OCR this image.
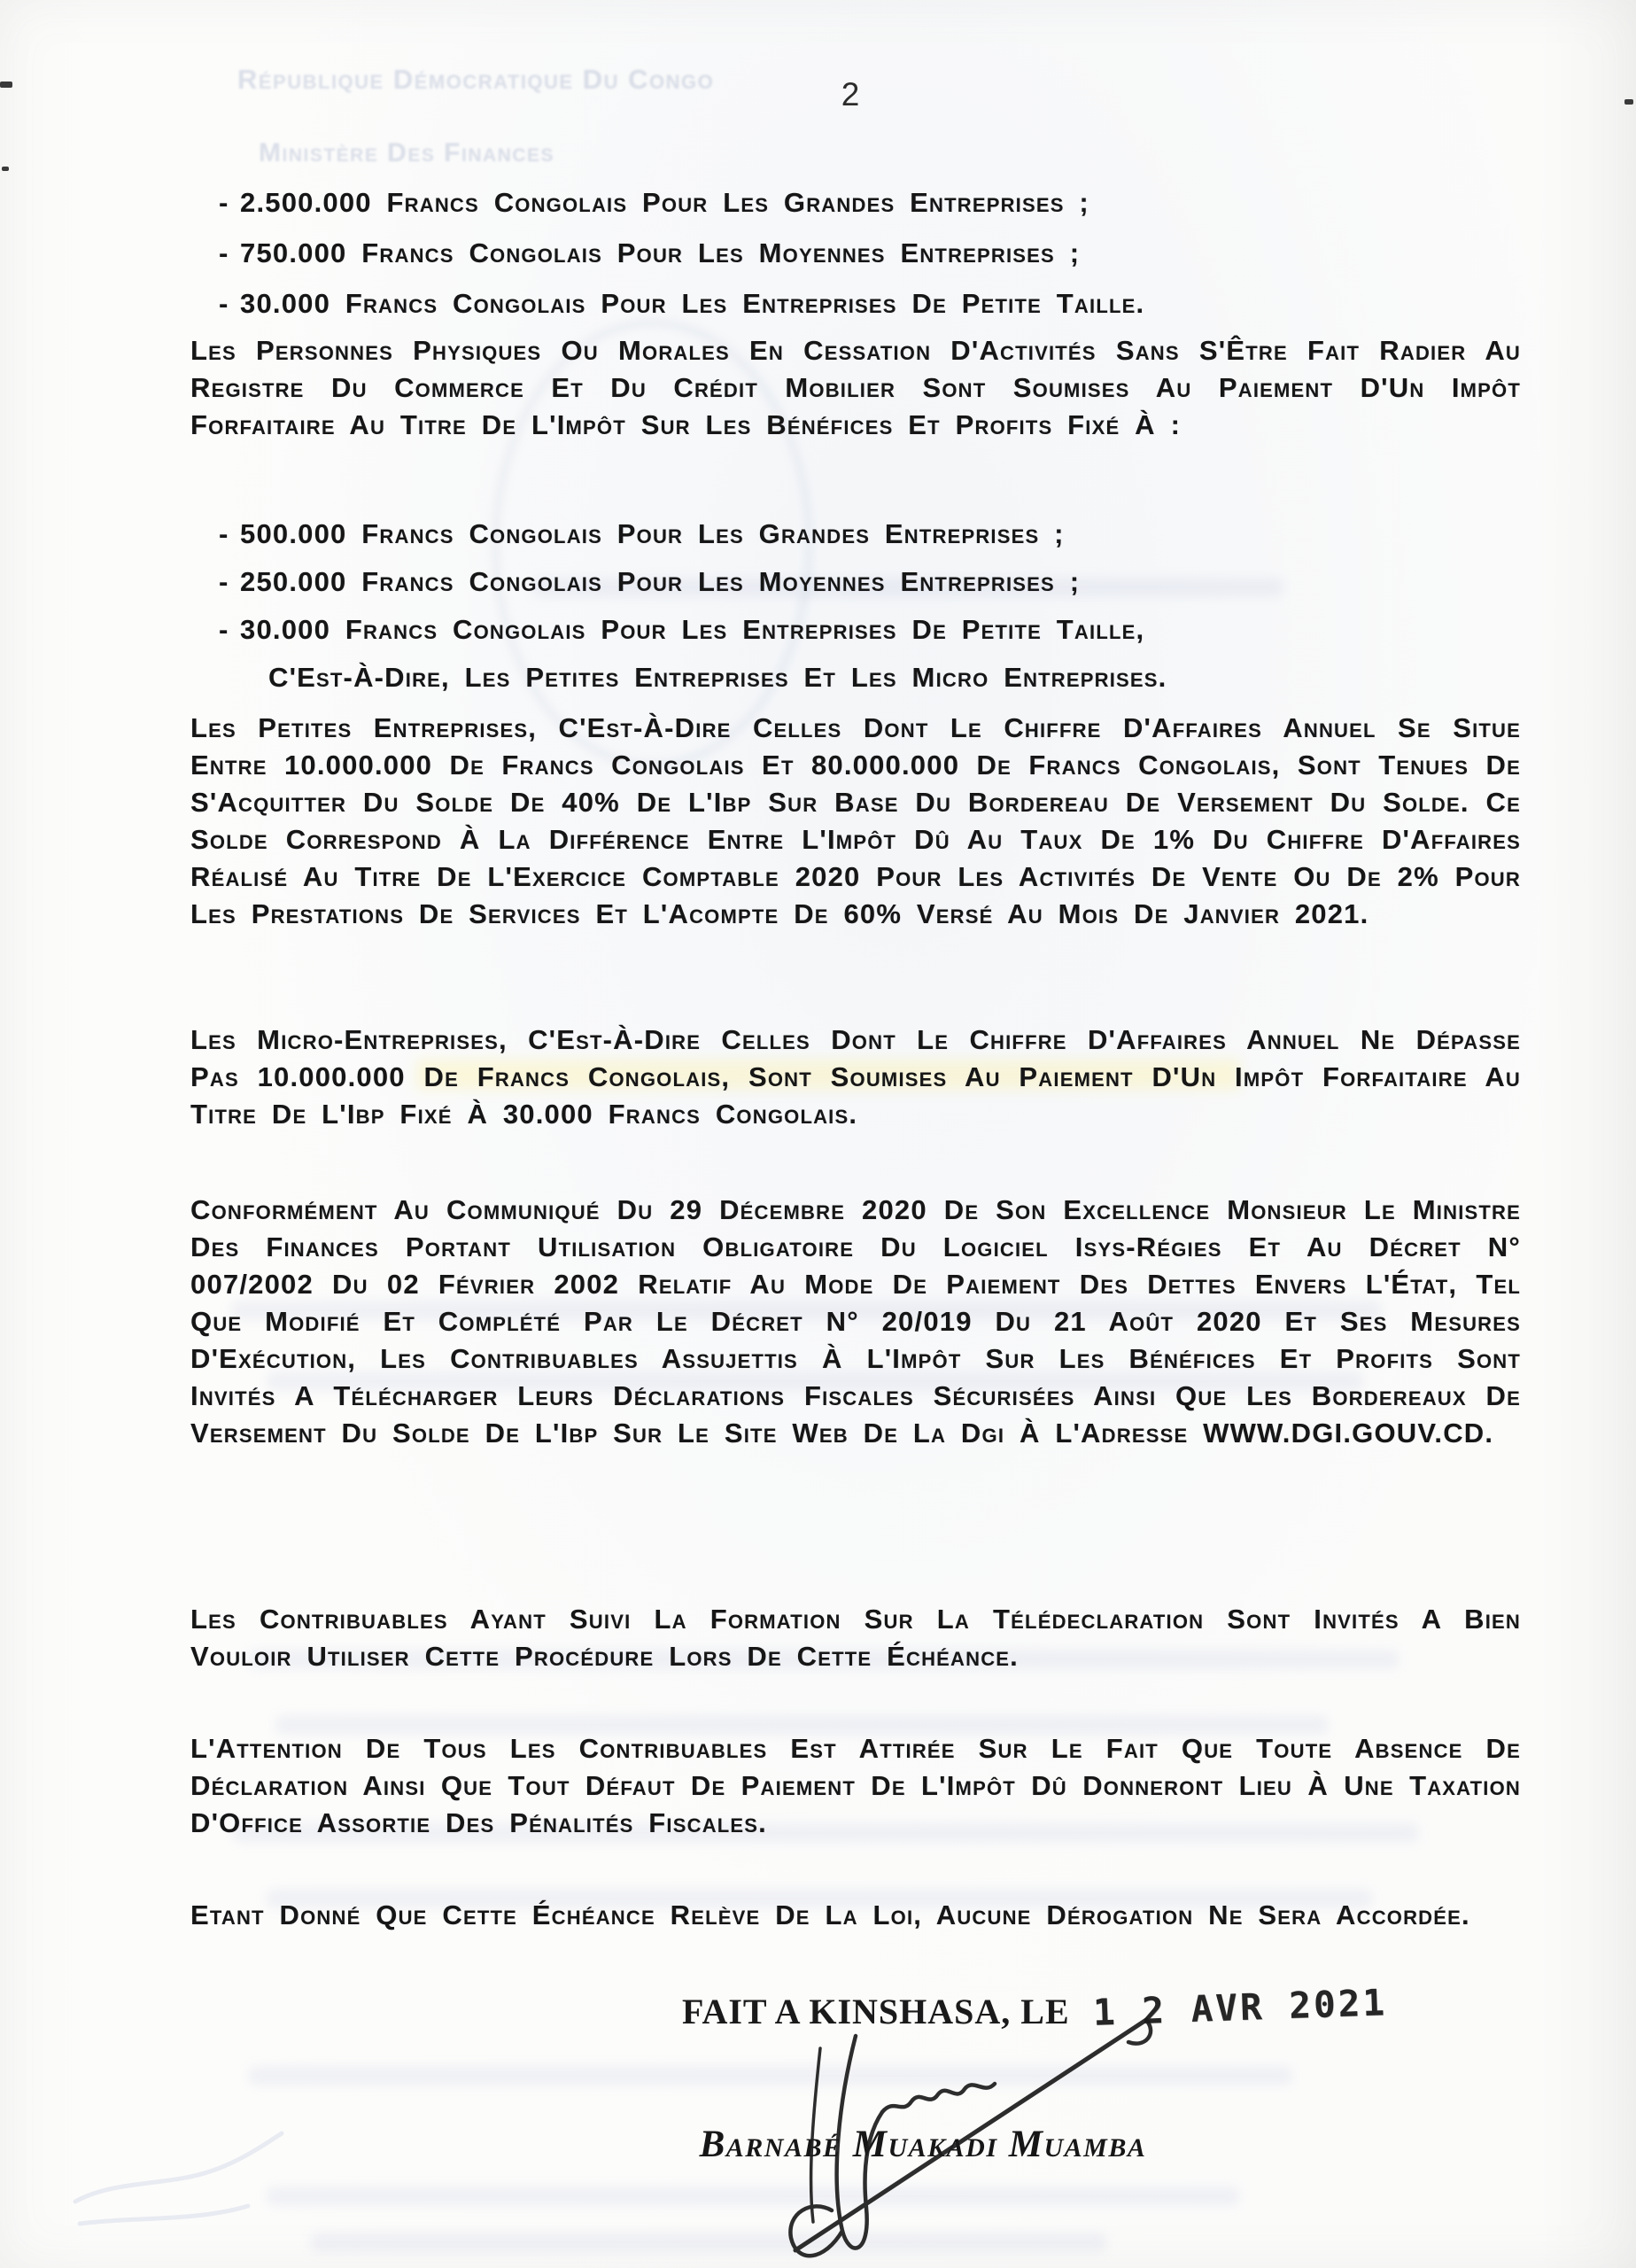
République Démocratique Du Congo
Ministère Des Finances
2
- 2.500.000 Francs Congolais Pour Les Grandes Entreprises ;
- 750.000 Francs Congolais Pour Les Moyennes Entreprises ;
- 30.000 Francs Congolais Pour Les Entreprises De Petite Taille.
Les Personnes Physiques Ou Morales En Cessation D'Activités Sans S'Être Fait Radier Au Registre Du Commerce Et Du Crédit Mobilier Sont Soumises Au Paiement D'Un Impôt Forfaitaire Au Titre De L'Impôt Sur Les Bénéfices Et Profits Fixé À :
- 500.000 Francs Congolais Pour Les Grandes Entreprises ;
- 250.000 Francs Congolais Pour Les Moyennes Entreprises ;
- 30.000 Francs Congolais Pour Les Entreprises De Petite Taille,
C'Est-À-Dire, Les Petites Entreprises Et Les Micro Entreprises.
Les Petites Entreprises, C'Est-À-Dire Celles Dont Le Chiffre D'Affaires Annuel Se Situe Entre 10.000.000 De Francs Congolais Et 80.000.000 De Francs Congolais, Sont Tenues De S'Acquitter Du Solde De 40% De L'Ibp Sur Base Du Bordereau De Versement Du Solde. Ce Solde Correspond À La Différence Entre L'Impôt Dû Au Taux De 1% Du Chiffre D'Affaires Réalisé Au Titre De L'Exercice Comptable 2020 Pour Les Activités De Vente Ou De 2% Pour Les Prestations De Services Et L'Acompte De 60% Versé Au Mois De Janvier 2021.
Les Micro-Entreprises, C'Est-À-Dire Celles Dont Le Chiffre D'Affaires Annuel Ne Dépasse Pas 10.000.000 De Francs Congolais, Sont Soumises Au Paiement D'Un Impôt Forfaitaire Au Titre De L'Ibp Fixé À 30.000 Francs Congolais.
Conformément Au Communiqué Du 29 Décembre 2020 De Son Excellence Monsieur Le Ministre Des Finances Portant Utilisation Obligatoire Du Logiciel Isys-Régies Et Au Décret N° 007/2002 Du 02 Février 2002 Relatif Au Mode De Paiement Des Dettes Envers L'État, Tel Que Modifié Et Complété Par Le Décret N° 20/019 Du 21 Août 2020 Et Ses Mesures D'Exécution, Les Contribuables Assujettis À L'Impôt Sur Les Bénéfices Et Profits Sont Invités A Télécharger Leurs Déclarations Fiscales Sécurisées Ainsi Que Les Bordereaux De Versement Du Solde De L'Ibp Sur Le Site Web De La Dgi À L'Adresse WWW.DGI.GOUV.CD.
Les Contribuables Ayant Suivi La Formation Sur La Télédeclaration Sont Invités A Bien Vouloir Utiliser Cette Procédure Lors De Cette Échéance.
L'Attention De Tous Les Contribuables Est Attirée Sur Le Fait Que Toute Absence De Déclaration Ainsi Que Tout Défaut De Paiement De L'Impôt Dû Donneront Lieu À Une Taxation D'Office Assortie Des Pénalités Fiscales.
Etant Donné Que Cette Échéance Relève De La Loi, Aucune Dérogation Ne Sera Accordée.
FAIT A KINSHASA, LE 1 2 AVR 2021
Barnabé Muakadi Muamba
